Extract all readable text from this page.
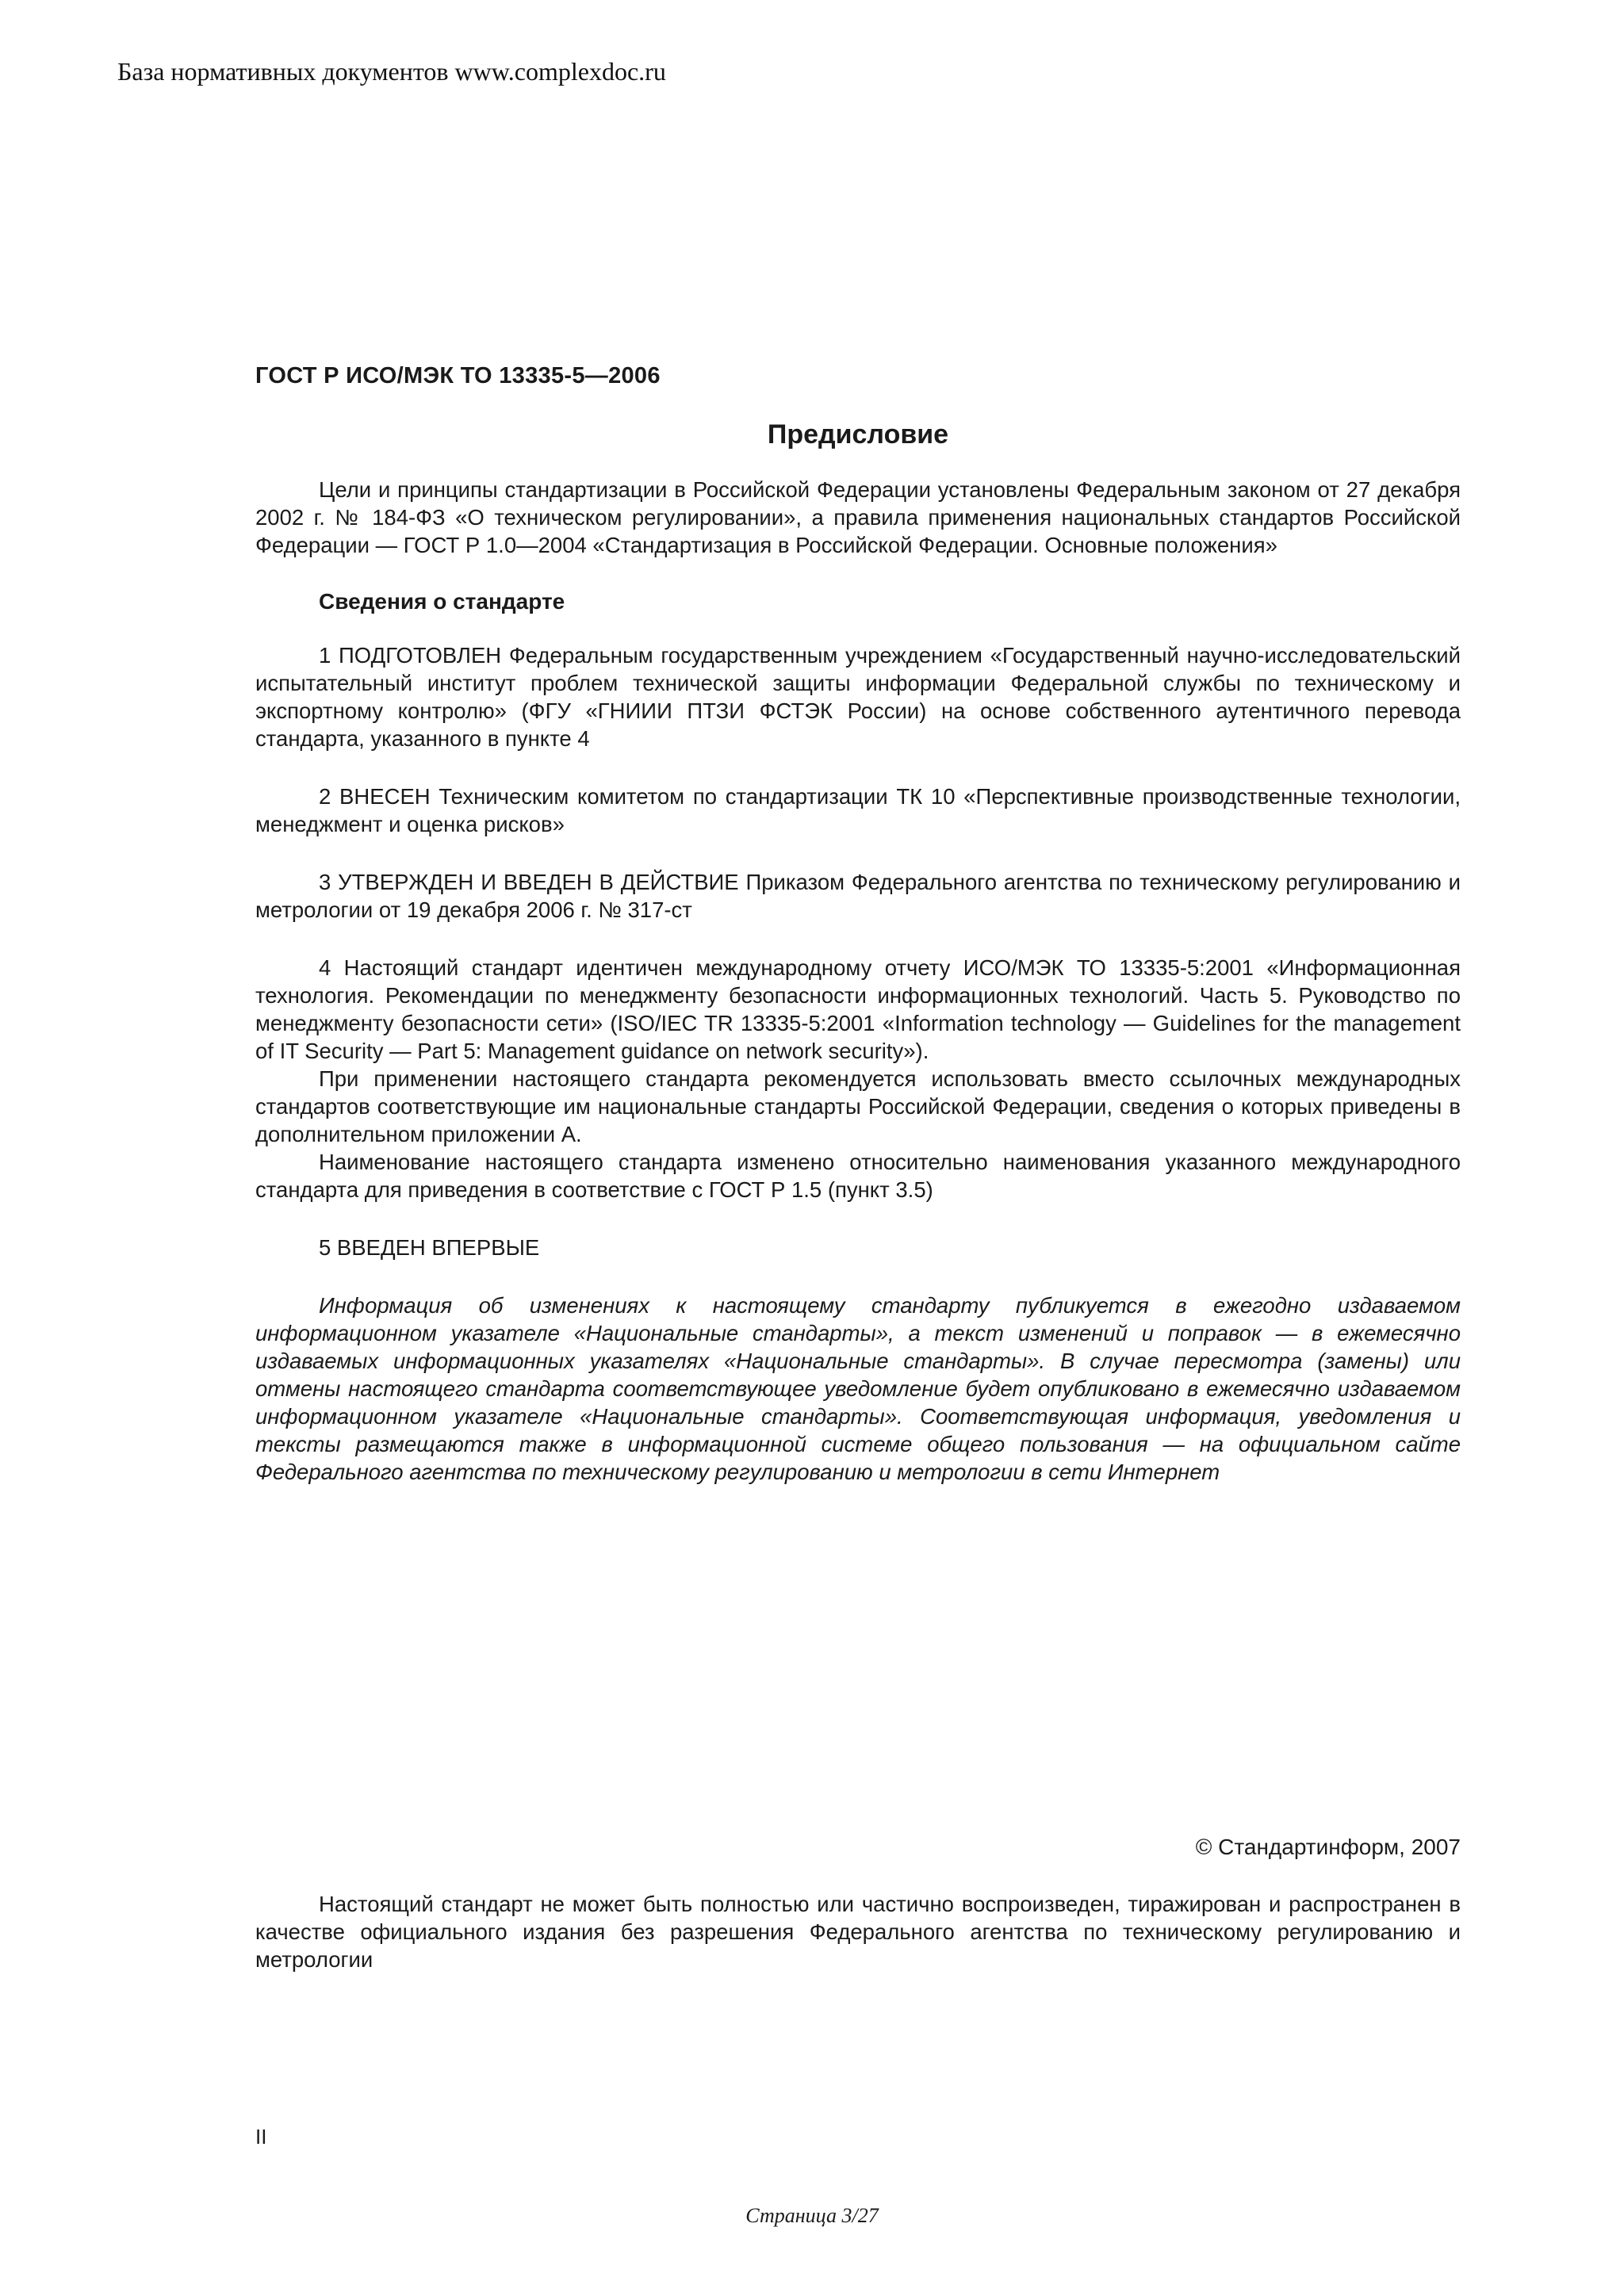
База нормативных документов www.complexdoc.ru

ГОСТ Р ИСО/МЭК ТО 13335-5—2006

Предисловие

Цели и принципы стандартизации в Российской Федерации установлены Федеральным законом от 27 декабря 2002 г. № 184-ФЗ «О техническом регулировании», а правила применения национальных стандартов Российской Федерации — ГОСТ Р 1.0—2004 «Стандартизация в Российской Федерации. Основные положения»

Сведения о стандарте

1 ПОДГОТОВЛЕН Федеральным государственным учреждением «Государственный научно-исследовательский испытательный институт проблем технической защиты информации Федеральной службы по техническому и экспортному контролю» (ФГУ «ГНИИИ ПТЗИ ФСТЭК России) на основе собственного аутентичного перевода стандарта, указанного в пункте 4

2 ВНЕСЕН Техническим комитетом по стандартизации ТК 10 «Перспективные производственные технологии, менеджмент и оценка рисков»

3 УТВЕРЖДЕН И ВВЕДЕН В ДЕЙСТВИЕ Приказом Федерального агентства по техническому регулированию и метрологии от 19 декабря 2006 г. № 317-ст

4 Настоящий стандарт идентичен международному отчету ИСО/МЭК ТО 13335-5:2001 «Информационная технология. Рекомендации по менеджменту безопасности информационных технологий. Часть 5. Руководство по менеджменту безопасности сети» (ISO/IEC TR 13335-5:2001 «Information technology — Guidelines for the management of IT Security — Part 5: Management guidance on network security»).

При применении настоящего стандарта рекомендуется использовать вместо ссылочных международных стандартов соответствующие им национальные стандарты Российской Федерации, сведения о которых приведены в дополнительном приложении А.

Наименование настоящего стандарта изменено относительно наименования указанного международного стандарта для приведения в соответствие с ГОСТ Р 1.5 (пункт 3.5)

5 ВВЕДЕН ВПЕРВЫЕ

Информация об изменениях к настоящему стандарту публикуется в ежегодно издаваемом информационном указателе «Национальные стандарты», а текст изменений и поправок — в ежемесячно издаваемых информационных указателях «Национальные стандарты». В случае пересмотра (замены) или отмены настоящего стандарта соответствующее уведомление будет опубликовано в ежемесячно издаваемом информационном указателе «Национальные стандарты». Соответствующая информация, уведомления и тексты размещаются также в информационной системе общего пользования — на официальном сайте Федерального агентства по техническому регулированию и метрологии в сети Интернет

© Стандартинформ, 2007

Настоящий стандарт не может быть полностью или частично воспроизведен, тиражирован и распространен в качестве официального издания без разрешения Федерального агентства по техническому регулированию и метрологии

II
Страница 3/27
